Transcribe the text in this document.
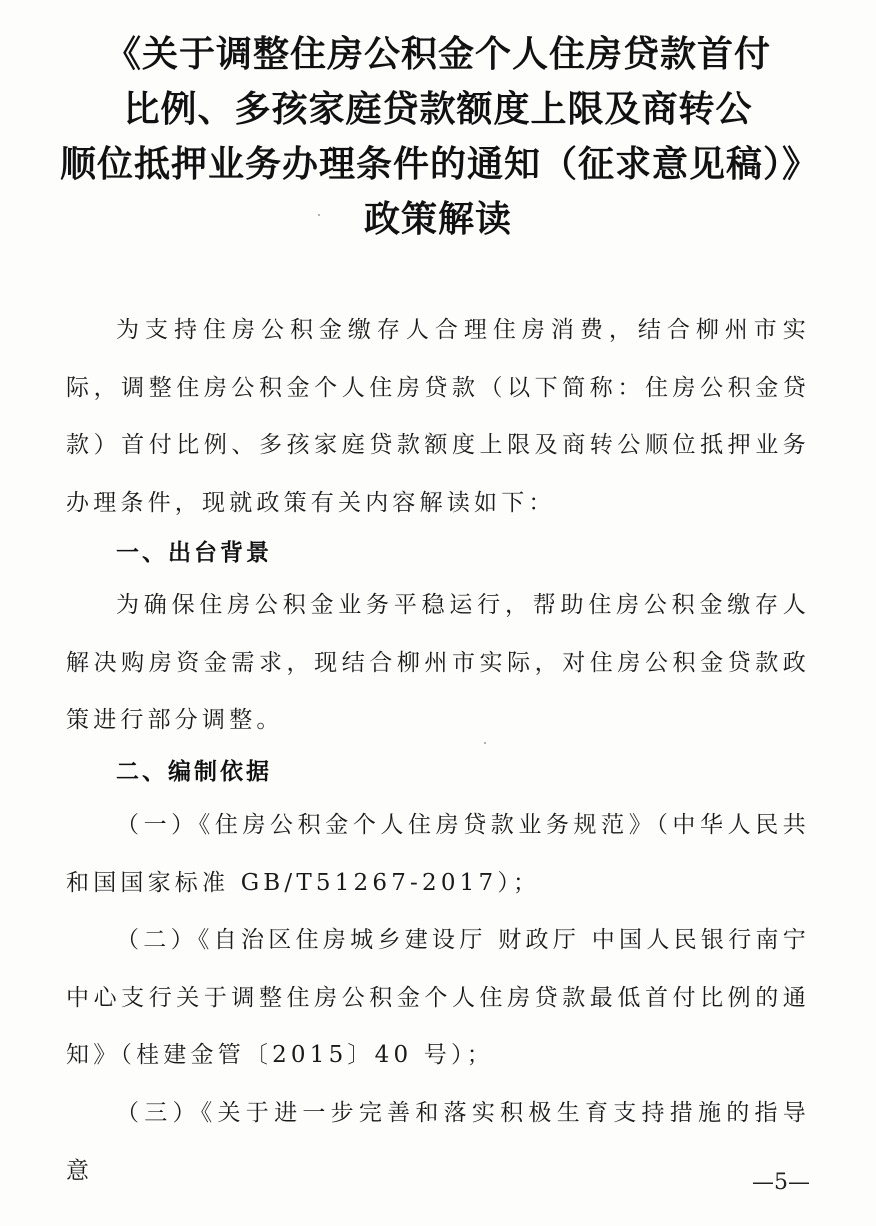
《关于调整住房公积金个人住房贷款首付
比例、多孩家庭贷款额度上限及商转公
顺位抵押业务办理条件的通知（征求意见稿）》
政策解读

为支持住房公积金缴存人合理住房消费，结合柳州市实际，调整住房公积金个人住房贷款（以下简称：住房公积金贷款）首付比例、多孩家庭贷款额度上限及商转公顺位抵押业务办理条件，现就政策有关内容解读如下：

一、出台背景

为确保住房公积金业务平稳运行，帮助住房公积金缴存人解决购房资金需求，现结合柳州市实际，对住房公积金贷款政策进行部分调整。

二、编制依据

（一）《住房公积金个人住房贷款业务规范》（中华人民共和国国家标准 GB/T51267-2017）；

（二）《自治区住房城乡建设厅 财政厅 中国人民银行南宁中心支行关于调整住房公积金个人住房贷款最低首付比例的通知》（桂建金管〔2015〕40 号）；

（三）《关于进一步完善和落实积极生育支持措施的指导意	—5—
